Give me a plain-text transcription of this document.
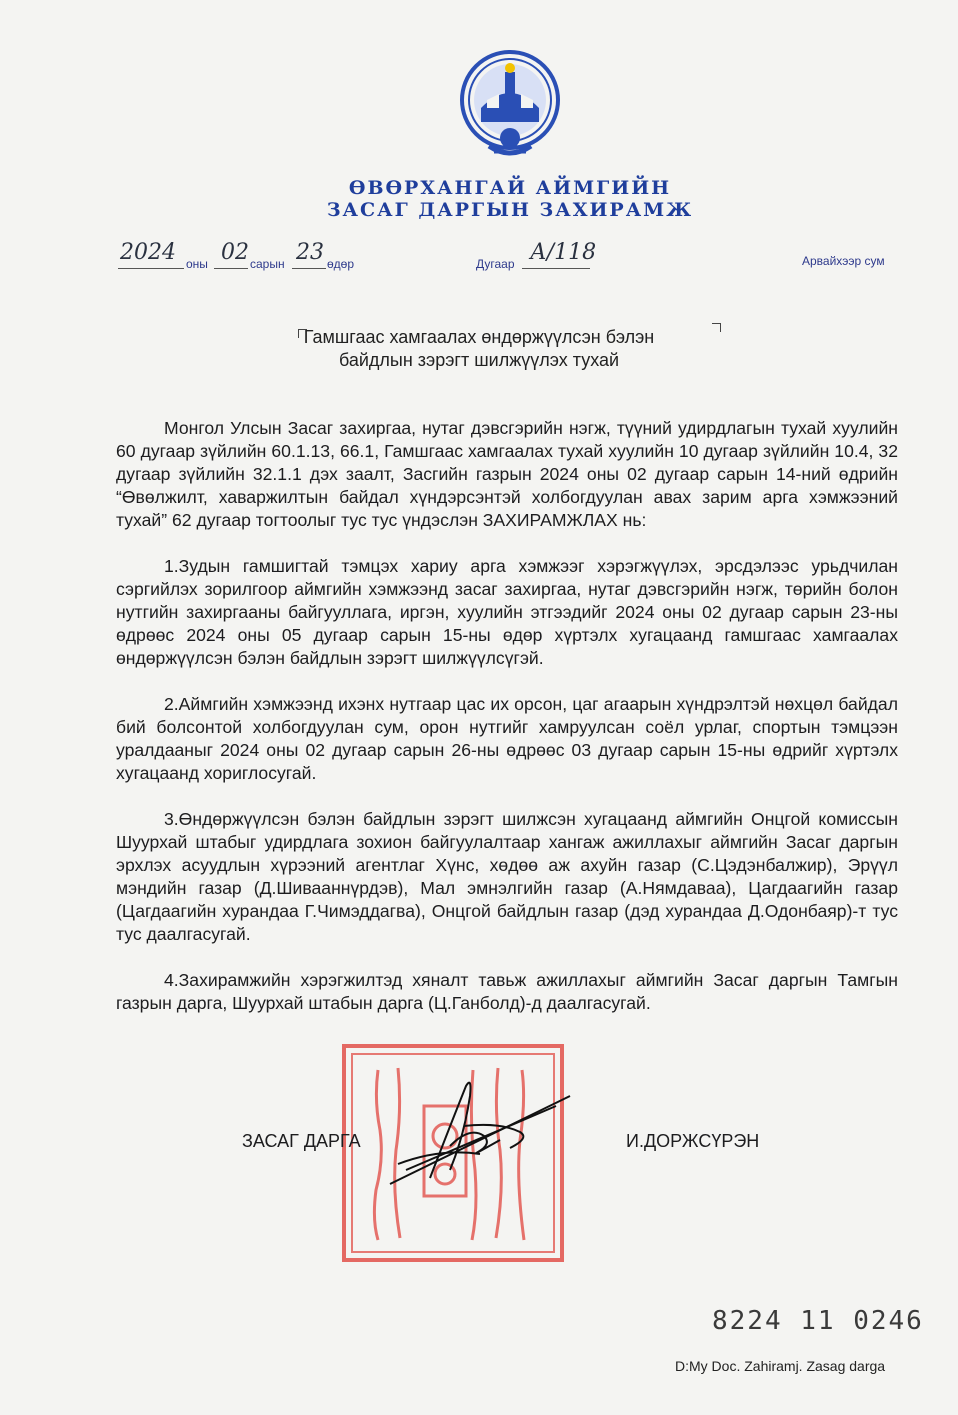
ӨВӨРХАНГАЙ АЙМГИЙН
ЗАСАГ ДАРГЫН ЗАХИРАМЖ
2024 оны 02 сарын 23 өдөр	Дугаар А/118	Арвайхээр сум
Гамшгаас хамгаалах өндөржүүлсэн бэлэн
байдлын зэрэгт шилжүүлэх тухай

Монгол Улсын Засаг захиргаа, нутаг дэвсгэрийн нэгж, түүний удирдлагын тухай хуулийн 60 дугаар зүйлийн 60.1.13, 66.1, Гамшгаас хамгаалах тухай хуулийн 10 дугаар зүйлийн 10.4, 32 дугаар зүйлийн 32.1.1 дэх заалт, Засгийн газрын 2024 оны 02 дугаар сарын 14-ний өдрийн “Өвөлжилт, хаваржилтын байдал хүндэрсэнтэй холбогдуулан авах зарим арга хэмжээний тухай” 62 дугаар тогтоолыг тус тус үндэслэн ЗАХИРАМЖЛАХ нь:

1.Зудын гамшигтай тэмцэх хариу арга хэмжээг хэрэгжүүлэх, эрсдэлээс урьдчилан сэргийлэх зорилгоор аймгийн хэмжээнд засаг захиргаа, нутаг дэвсгэрийн нэгж, төрийн болон нутгийн захиргааны байгууллага, иргэн, хуулийн этгээдийг 2024 оны 02 дугаар сарын 23-ны өдрөөс 2024 оны 05 дугаар сарын 15-ны өдөр хүртэлх хугацаанд гамшгаас хамгаалах өндөржүүлсэн бэлэн байдлын зэрэгт шилжүүлсүгэй.

2.Аймгийн хэмжээнд ихэнх нутгаар цас их орсон, цаг агаарын хүндрэлтэй нөхцөл байдал бий болсонтой холбогдуулан сум, орон нутгийг хамруулсан соёл урлаг, спортын тэмцээн уралдааныг 2024 оны 02 дугаар сарын 26-ны өдрөөс 03 дугаар сарын 15-ны өдрийг хүртэлх хугацаанд хориглосугай.

3.Өндөржүүлсэн бэлэн байдлын зэрэгт шилжсэн хугацаанд аймгийн Онцгой комиссын Шуурхай штабыг удирдлага зохион байгуулалтаар хангаж ажиллахыг аймгийн Засаг даргын эрхлэх асуудлын хүрээний агентлаг Хүнс, хөдөө аж ахуйн газар (С.Цэдэнбалжир), Эрүүл мэндийн газар (Д.Шивааннүрдэв), Мал эмнэлгийн газар (А.Нямдаваа), Цагдаагийн газар (Цагдаагийн хурандаа Г.Чимэддагва), Онцгой байдлын газар (дэд хурандаа Д.Одонбаяр)-т тус тус даалгасугай.

4.Захирамжийн хэрэгжилтэд хяналт тавьж ажиллахыг аймгийн Засаг даргын Тамгын газрын дарга, Шуурхай штабын дарга (Ц.Ганболд)-д даалгасугай.

ЗАСАГ ДАРГА	И.ДОРЖСҮРЭН
8224 11 0246
D:My Doc. Zahiramj. Zasag darga
